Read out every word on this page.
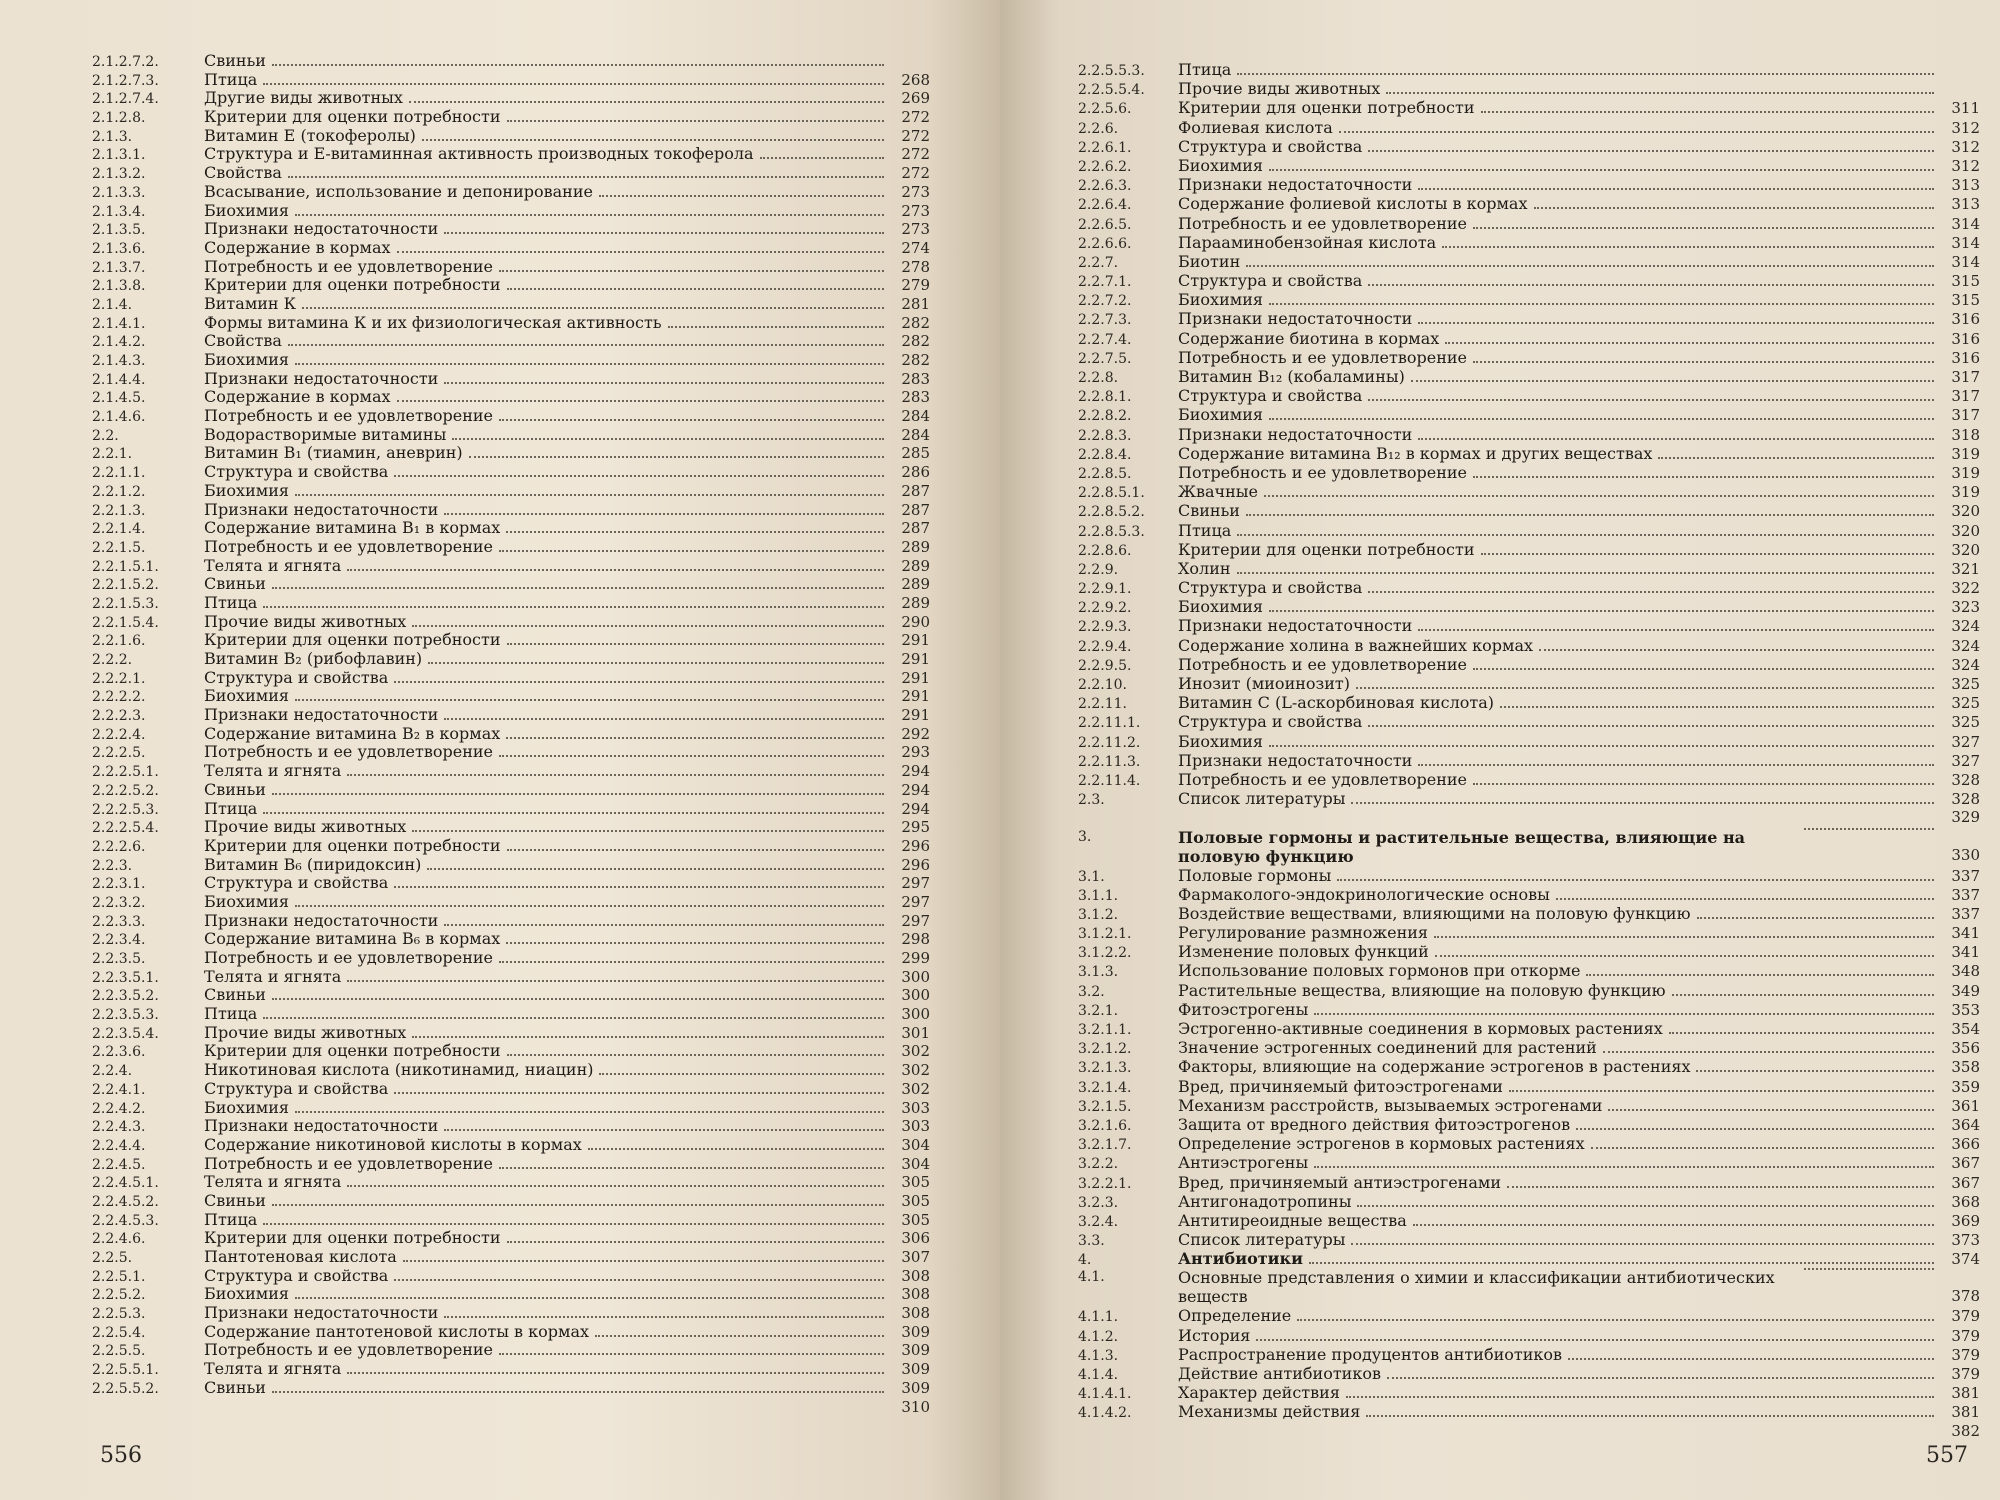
2.1.2.7.2.	Свиньи
2.1.2.7.3.	Птица	268
2.1.2.7.4.	Другие виды животных	269
2.1.2.8.	Критерии для оценки потребности	272
2.1.3.	Витамин Е (токоферолы)	272
2.1.3.1.	Структура и Е-витаминная активность производных токоферола	272
2.1.3.2.	Свойства	272
2.1.3.3.	Всасывание, использование и депонирование	273
2.1.3.4.	Биохимия	273
2.1.3.5.	Признаки недостаточности	273
2.1.3.6.	Содержание в кормах	274
2.1.3.7.	Потребность и ее удовлетворение	278
2.1.3.8.	Критерии для оценки потребности	279
2.1.4.	Витамин К	281
2.1.4.1.	Формы витамина К и их физиологическая активность	282
2.1.4.2.	Свойства	282
2.1.4.3.	Биохимия	282
2.1.4.4.	Признаки недостаточности	283
2.1.4.5.	Содержание в кормах	283
2.1.4.6.	Потребность и ее удовлетворение	284
2.2.	Водорастворимые витамины	284
2.2.1.	Витамин B₁ (тиамин, аневрин)	285
2.2.1.1.	Структура и свойства	286
2.2.1.2.	Биохимия	287
2.2.1.3.	Признаки недостаточности	287
2.2.1.4.	Содержание витамина B₁ в кормах	287
2.2.1.5.	Потребность и ее удовлетворение	289
2.2.1.5.1.	Телята и ягнята	289
2.2.1.5.2.	Свиньи	289
2.2.1.5.3.	Птица	289
2.2.1.5.4.	Прочие виды животных	290
2.2.1.6.	Критерии для оценки потребности	291
2.2.2.	Витамин B₂ (рибофлавин)	291
2.2.2.1.	Структура и свойства	291
2.2.2.2.	Биохимия	291
2.2.2.3.	Признаки недостаточности	291
2.2.2.4.	Содержание витамина B₂ в кормах	292
2.2.2.5.	Потребность и ее удовлетворение	293
2.2.2.5.1.	Телята и ягнята	294
2.2.2.5.2.	Свиньи	294
2.2.2.5.3.	Птица	294
2.2.2.5.4.	Прочие виды животных	295
2.2.2.6.	Критерии для оценки потребности	296
2.2.3.	Витамин B₆ (пиридоксин)	296
2.2.3.1.	Структура и свойства	297
2.2.3.2.	Биохимия	297
2.2.3.3.	Признаки недостаточности	297
2.2.3.4.	Содержание витамина B₆ в кормах	298
2.2.3.5.	Потребность и ее удовлетворение	299
2.2.3.5.1.	Телята и ягнята	300
2.2.3.5.2.	Свиньи	300
2.2.3.5.3.	Птица	300
2.2.3.5.4.	Прочие виды животных	301
2.2.3.6.	Критерии для оценки потребности	302
2.2.4.	Никотиновая кислота (никотинамид, ниацин)	302
2.2.4.1.	Структура и свойства	302
2.2.4.2.	Биохимия	303
2.2.4.3.	Признаки недостаточности	303
2.2.4.4.	Содержание никотиновой кислоты в кормах	304
2.2.4.5.	Потребность и ее удовлетворение	304
2.2.4.5.1.	Телята и ягнята	305
2.2.4.5.2.	Свиньи	305
2.2.4.5.3.	Птица	305
2.2.4.6.	Критерии для оценки потребности	306
2.2.5.	Пантотеновая кислота	307
2.2.5.1.	Структура и свойства	308
2.2.5.2.	Биохимия	308
2.2.5.3.	Признаки недостаточности	308
2.2.5.4.	Содержание пантотеновой кислоты в кормах	309
2.2.5.5.	Потребность и ее удовлетворение	309
2.2.5.5.1.	Телята и ягнята	309
2.2.5.5.2.	Свиньи	309
310
556
2.2.5.5.3.	Птица
2.2.5.5.4.	Прочие виды животных
2.2.5.6.	Критерии для оценки потребности	311
2.2.6.	Фолиевая кислота	312
2.2.6.1.	Структура и свойства	312
2.2.6.2.	Биохимия	312
2.2.6.3.	Признаки недостаточности	313
2.2.6.4.	Содержание фолиевой кислоты в кормах	313
2.2.6.5.	Потребность и ее удовлетворение	314
2.2.6.6.	Парааминобензойная кислота	314
2.2.7.	Биотин	314
2.2.7.1.	Структура и свойства	315
2.2.7.2.	Биохимия	315
2.2.7.3.	Признаки недостаточности	316
2.2.7.4.	Содержание биотина в кормах	316
2.2.7.5.	Потребность и ее удовлетворение	316
2.2.8.	Витамин B₁₂ (кобаламины)	317
2.2.8.1.	Структура и свойства	317
2.2.8.2.	Биохимия	317
2.2.8.3.	Признаки недостаточности	318
2.2.8.4.	Содержание витамина B₁₂ в кормах и других веществах	319
2.2.8.5.	Потребность и ее удовлетворение	319
2.2.8.5.1.	Жвачные	319
2.2.8.5.2.	Свиньи	320
2.2.8.5.3.	Птица	320
2.2.8.6.	Критерии для оценки потребности	320
2.2.9.	Холин	321
2.2.9.1.	Структура и свойства	322
2.2.9.2.	Биохимия	323
2.2.9.3.	Признаки недостаточности	324
2.2.9.4.	Содержание холина в важнейших кормах	324
2.2.9.5.	Потребность и ее удовлетворение	324
2.2.10.	Инозит (миоинозит)	325
2.2.11.	Витамин С (L-аскорбиновая кислота)	325
2.2.11.1.	Структура и свойства	325
2.2.11.2.	Биохимия	327
2.2.11.3.	Признаки недостаточности	327
2.2.11.4.	Потребность и ее удовлетворение	328
2.3.	Список литературы	328
329
3.	Половые гормоны и растительные вещества, влияющие на половую функцию	330
3.1.	Половые гормоны	337
3.1.1.	Фармаколого-эндокринологические основы	337
3.1.2.	Воздействие веществами, влияющими на половую функцию	337
3.1.2.1.	Регулирование размножения	341
3.1.2.2.	Изменение половых функций	341
3.1.3.	Использование половых гормонов при откорме	348
3.2.	Растительные вещества, влияющие на половую функцию	349
3.2.1.	Фитоэстрогены	353
3.2.1.1.	Эстрогенно-активные соединения в кормовых растениях	354
3.2.1.2.	Значение эстрогенных соединений для растений	356
3.2.1.3.	Факторы, влияющие на содержание эстрогенов в растениях	358
3.2.1.4.	Вред, причиняемый фитоэстрогенами	359
3.2.1.5.	Механизм расстройств, вызываемых эстрогенами	361
3.2.1.6.	Защита от вредного действия фитоэстрогенов	364
3.2.1.7.	Определение эстрогенов в кормовых растениях	366
3.2.2.	Антиэстрогены	367
3.2.2.1.	Вред, причиняемый антиэстрогенами	367
3.2.3.	Антигонадотропины	368
3.2.4.	Антитиреоидные вещества	369
3.3.	Список литературы	373
4.	Антибиотики	374
4.1.	Основные представления о химии и классификации антибиотических веществ	378
4.1.1.	Определение	379
4.1.2.	История	379
4.1.3.	Распространение продуцентов антибиотиков	379
4.1.4.	Действие антибиотиков	379
4.1.4.1.	Характер действия	381
4.1.4.2.	Механизмы действия	381
382
557
